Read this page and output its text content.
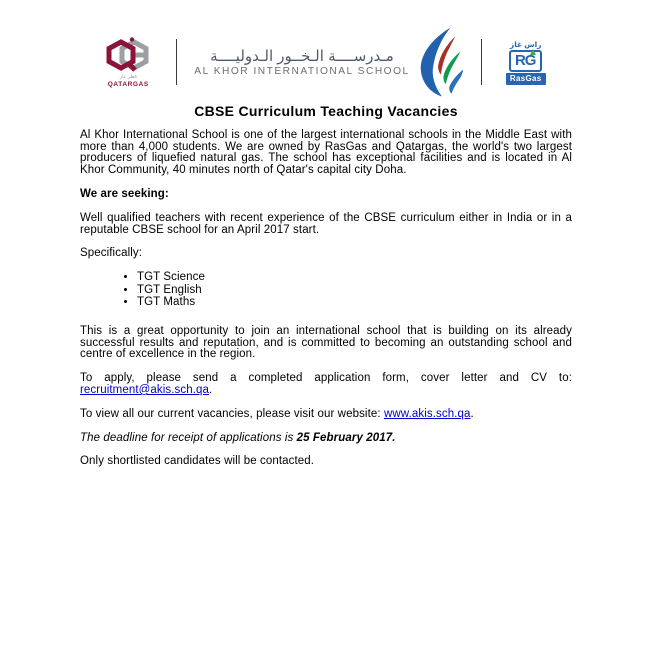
قطر غاز
QATARGAS
مـدرســــة الـخــور الـدوليــــة
AL KHOR INTERNATIONAL SCHOOL
راس غاز
RG
RasGas
CBSE Curriculum Teaching Vacancies

Al Khor International School is one of the largest international schools in the Middle East with more than 4,000 students. We are owned by RasGas and Qatargas, the world's two largest producers of liquefied natural gas. The school has exceptional facilities and is located in Al Khor Community, 40 minutes north of Qatar's capital city Doha.

We are seeking:

Well qualified teachers with recent experience of the CBSE curriculum either in India or in a reputable CBSE school for an April 2017 start.

Specifically:

• TGT Science
• TGT English
• TGT Maths

This is a great opportunity to join an international school that is building on its already successful results and reputation, and is committed to becoming an outstanding school and centre of excellence in the region.

To apply, please send a completed application form, cover letter and CV to: recruitment@akis.sch.qa.

To view all our current vacancies, please visit our website: www.akis.sch.qa.

The deadline for receipt of applications is 25 February 2017.

Only shortlisted candidates will be contacted.
